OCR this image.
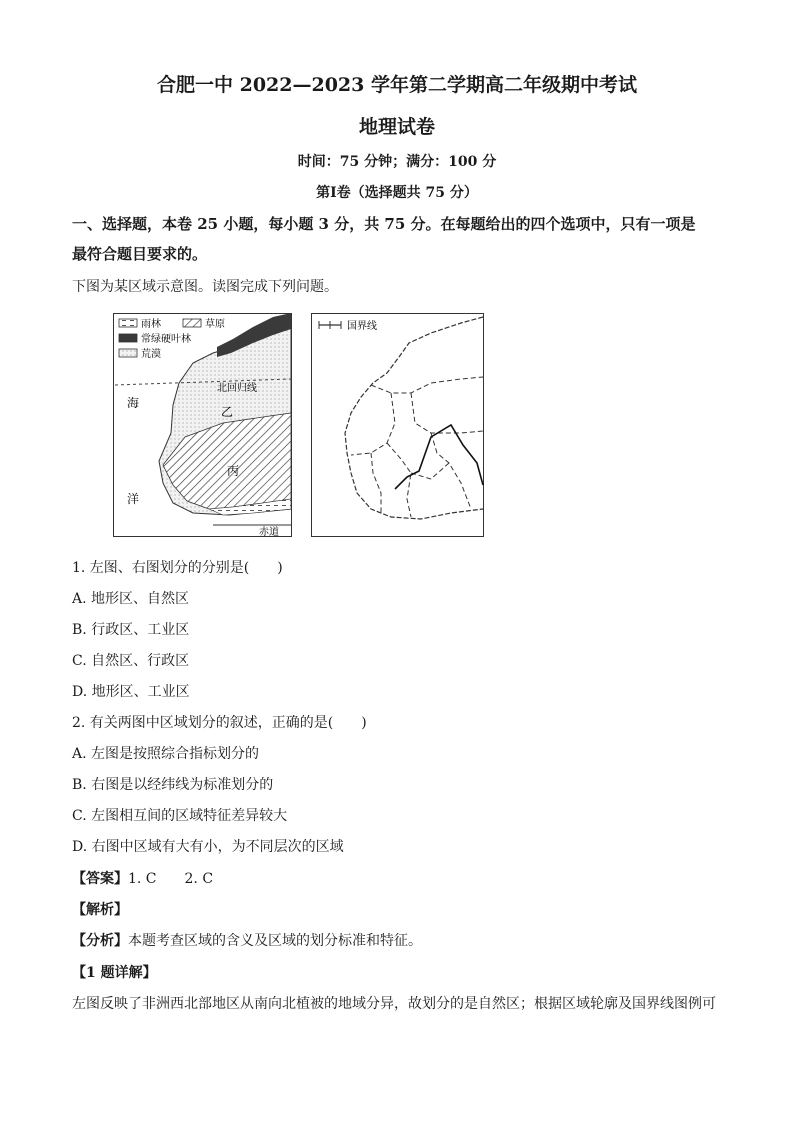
合肥一中 2022—2023 学年第二学期高二年级期中考试
地理试卷
时间：75 分钟；满分：100 分
第Ⅰ卷（选择题共 75 分）
一、选择题，本卷 25 小题，每小题 3 分，共 75 分。在每题给出的四个选项中，只有一项是
最符合题目要求的。
下图为某区域示意图。读图完成下列问题。
雨林	草原
常绿硬叶林
荒漠
北回归线
乙
丙
海
洋
赤道
国界线
1. 左图、右图划分的分别是(　　)
A. 地形区、自然区
B. 行政区、工业区
C. 自然区、行政区
D. 地形区、工业区
2. 有关两图中区域划分的叙述，正确的是(　　)
A. 左图是按照综合指标划分的
B. 右图是以经纬线为标准划分的
C. 左图相互间的区域特征差异较大
D. 右图中区域有大有小，为不同层次的区域
【答案】1. C　　2. C
【解析】
【分析】本题考查区域的含义及区域的划分标准和特征。
【1 题详解】
左图反映了非洲西北部地区从南向北植被的地域分异，故划分的是自然区；根据区域轮廓及国界线图例可
